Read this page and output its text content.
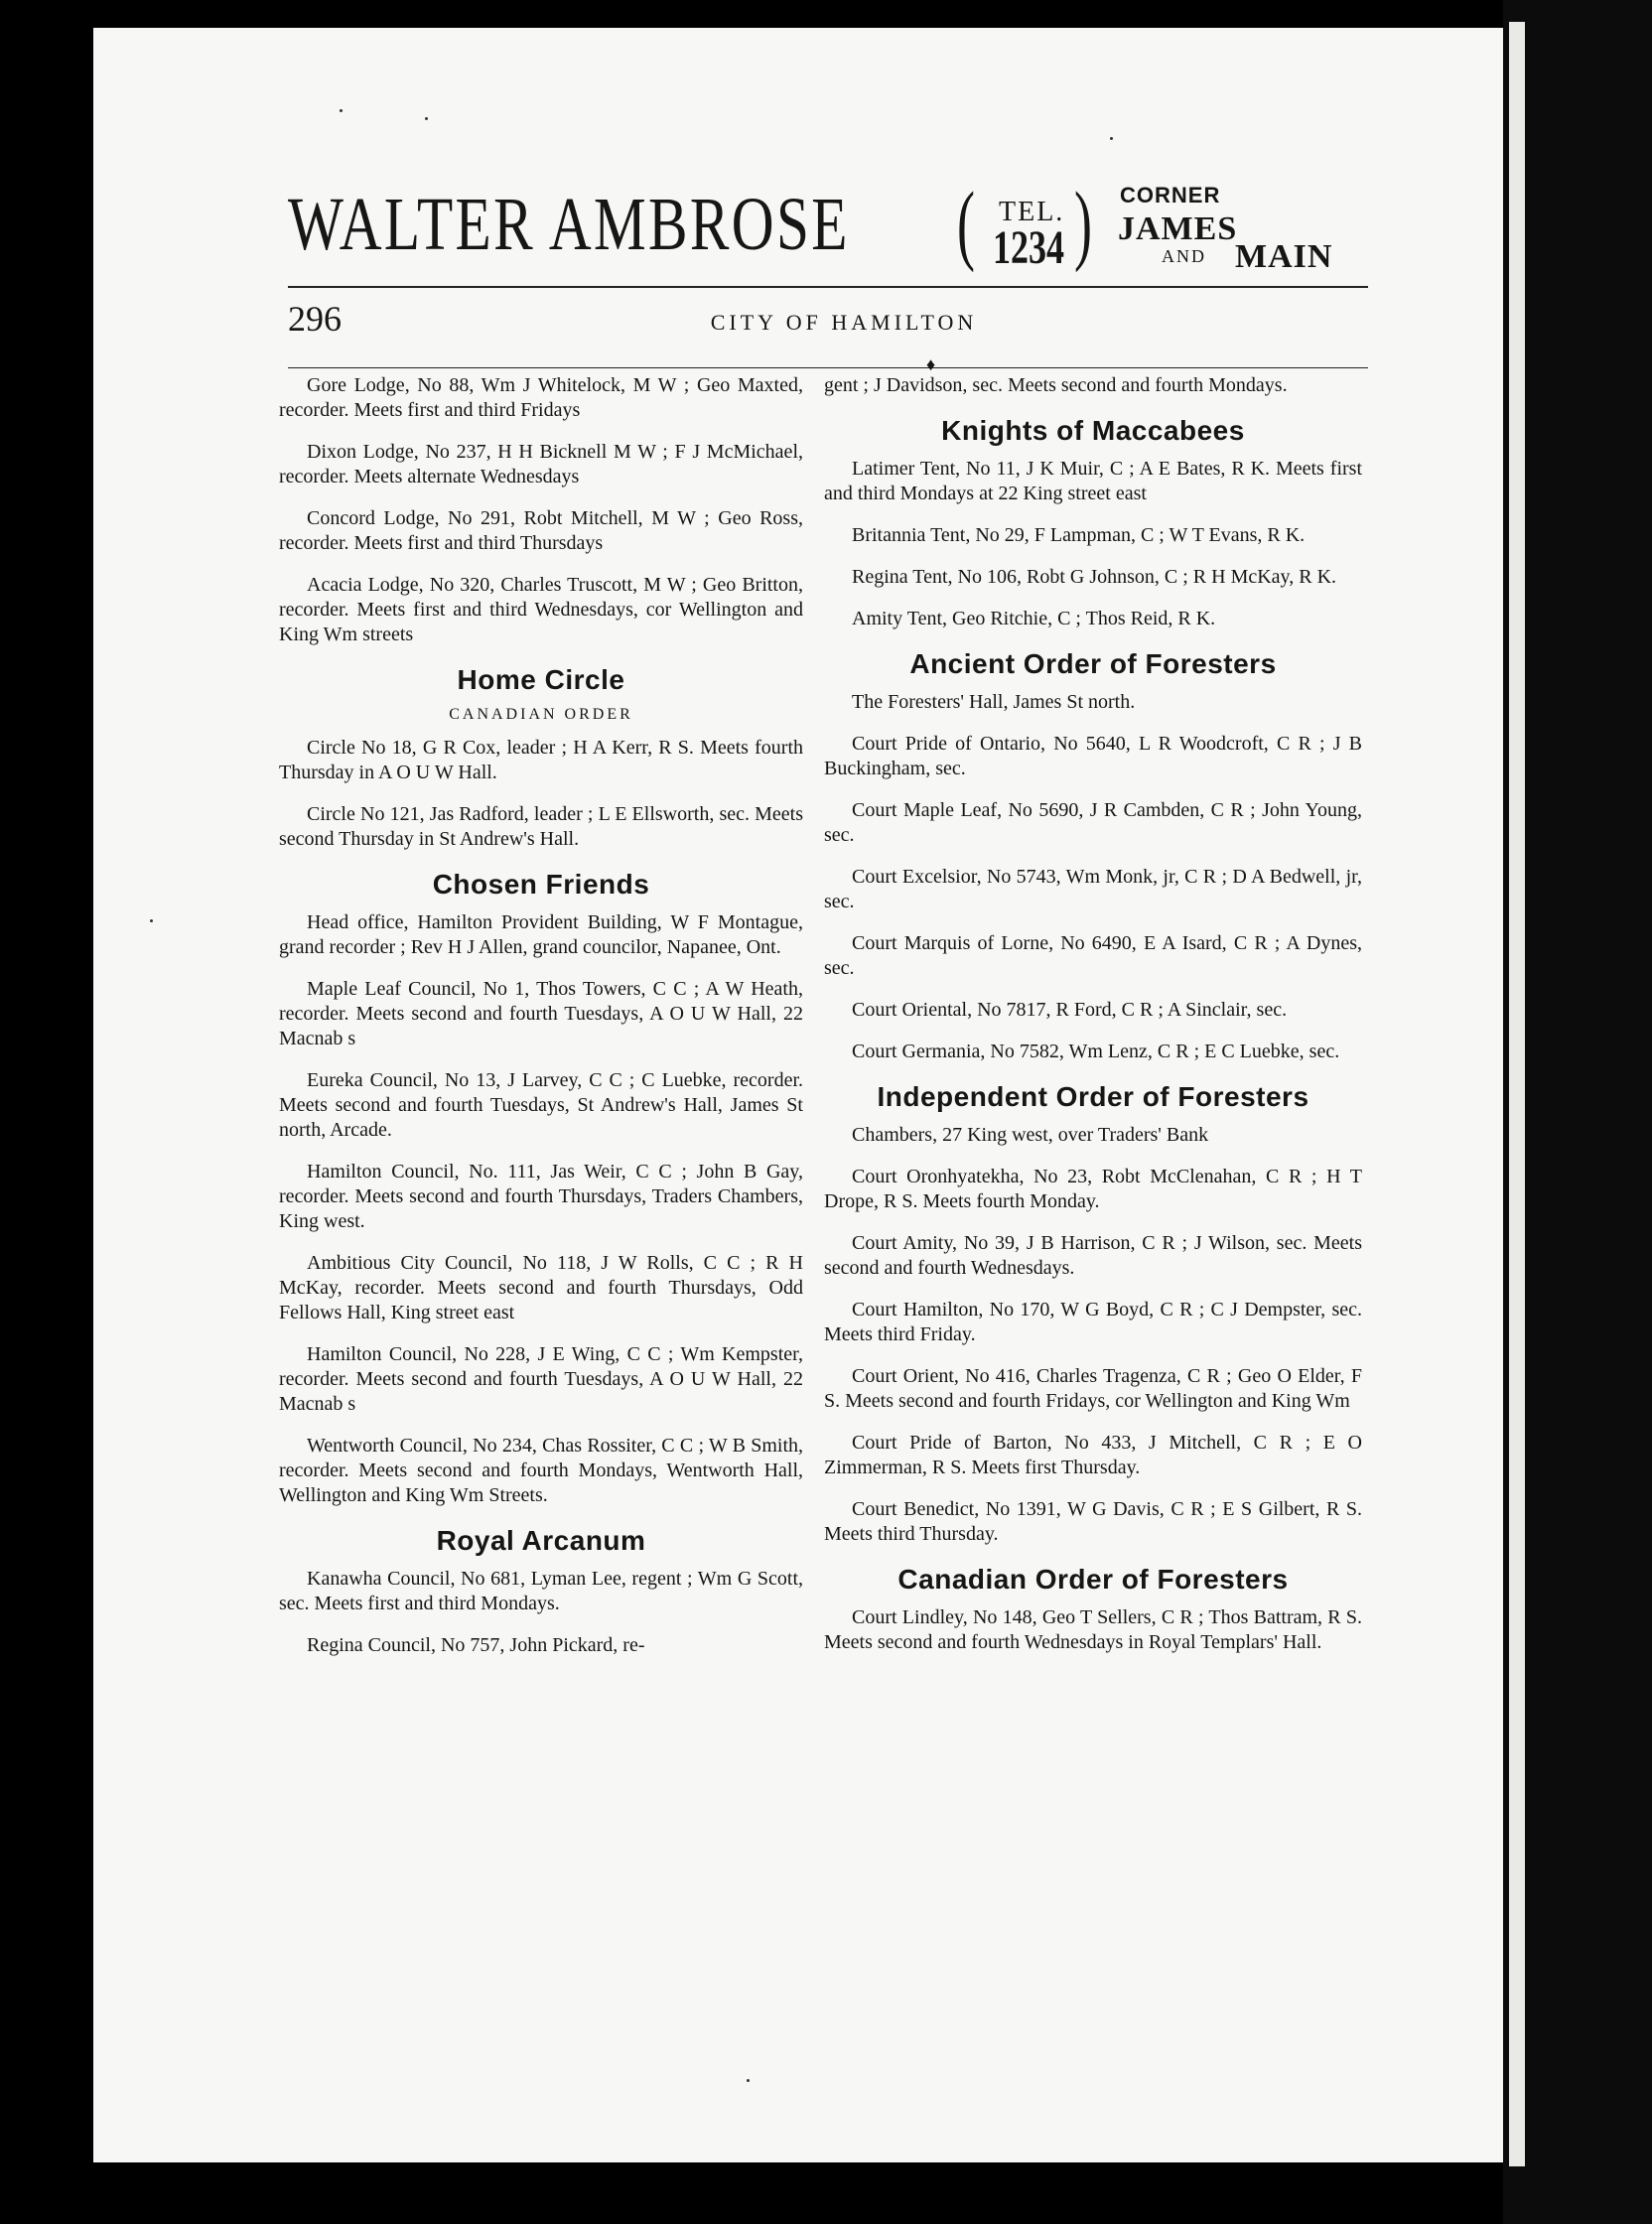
WALTER AMBROSE ( TEL.
1234 ) CORNER
JAMES
AND MAIN
296	CITY OF HAMILTON
♦

Gore Lodge, No 88, Wm J Whitelock, M W ; Geo Maxted, recorder. Meets first and third Fridays

Dixon Lodge, No 237, H H Bicknell M W ; F J McMichael, recorder. Meets alternate Wednesdays

Concord Lodge, No 291, Robt Mitchell, M W ; Geo Ross, recorder. Meets first and third Thursdays

Acacia Lodge, No 320, Charles Truscott, M W ; Geo Britton, recorder. Meets first and third Wednesdays, cor Wellington and King Wm streets

Home Circle
CANADIAN ORDER

Circle No 18, G R Cox, leader ; H A Kerr, R S. Meets fourth Thursday in A O U W Hall.

Circle No 121, Jas Radford, leader ; L E Ellsworth, sec. Meets second Thursday in St Andrew's Hall.

Chosen Friends

Head office, Hamilton Provident Building, W F Montague, grand recorder ; Rev H J Allen, grand councilor, Napanee, Ont.

Maple Leaf Council, No 1, Thos Towers, C C ; A W Heath, recorder. Meets second and fourth Tuesdays, A O U W Hall, 22 Macnab s

Eureka Council, No 13, J Larvey, C C ; C Luebke, recorder. Meets second and fourth Tuesdays, St Andrew's Hall, James St north, Arcade.

Hamilton Council, No. 111, Jas Weir, C C ; John B Gay, recorder. Meets second and fourth Thursdays, Traders Chambers, King west.

Ambitious City Council, No 118, J W Rolls, C C ; R H McKay, recorder. Meets second and fourth Thursdays, Odd Fellows Hall, King street east

Hamilton Council, No 228, J E Wing, C C ; Wm Kempster, recorder. Meets second and fourth Tuesdays, A O U W Hall, 22 Macnab s

Wentworth Council, No 234, Chas Rossiter, C C ; W B Smith, recorder. Meets second and fourth Mondays, Wentworth Hall, Wellington and King Wm Streets.

Royal Arcanum

Kanawha Council, No 681, Lyman Lee, regent ; Wm G Scott, sec. Meets first and third Mondays.

Regina Council, No 757, John Pickard, re-

gent ; J Davidson, sec. Meets second and fourth Mondays.

Knights of Maccabees

Latimer Tent, No 11, J K Muir, C ; A E Bates, R K. Meets first and third Mondays at 22 King street east

Britannia Tent, No 29, F Lampman, C ; W T Evans, R K.

Regina Tent, No 106, Robt G Johnson, C ; R H McKay, R K.

Amity Tent, Geo Ritchie, C ; Thos Reid, R K.

Ancient Order of Foresters

The Foresters' Hall, James St north.

Court Pride of Ontario, No 5640, L R Woodcroft, C R ; J B Buckingham, sec.

Court Maple Leaf, No 5690, J R Cambden, C R ; John Young, sec.

Court Excelsior, No 5743, Wm Monk, jr, C R ; D A Bedwell, jr, sec.

Court Marquis of Lorne, No 6490, E A Isard, C R ; A Dynes, sec.

Court Oriental, No 7817, R Ford, C R ; A Sinclair, sec.

Court Germania, No 7582, Wm Lenz, C R ; E C Luebke, sec.

Independent Order of Foresters

Chambers, 27 King west, over Traders' Bank

Court Oronhyatekha, No 23, Robt McClenahan, C R ; H T Drope, R S. Meets fourth Monday.

Court Amity, No 39, J B Harrison, C R ; J Wilson, sec. Meets second and fourth Wednesdays.

Court Hamilton, No 170, W G Boyd, C R ; C J Dempster, sec. Meets third Friday.

Court Orient, No 416, Charles Tragenza, C R ; Geo O Elder, F S. Meets second and fourth Fridays, cor Wellington and King Wm

Court Pride of Barton, No 433, J Mitchell, C R ; E O Zimmerman, R S. Meets first Thursday.

Court Benedict, No 1391, W G Davis, C R ; E S Gilbert, R S. Meets third Thursday.

Canadian Order of Foresters

Court Lindley, No 148, Geo T Sellers, C R ; Thos Battram, R S. Meets second and fourth Wednesdays in Royal Templars' Hall.
